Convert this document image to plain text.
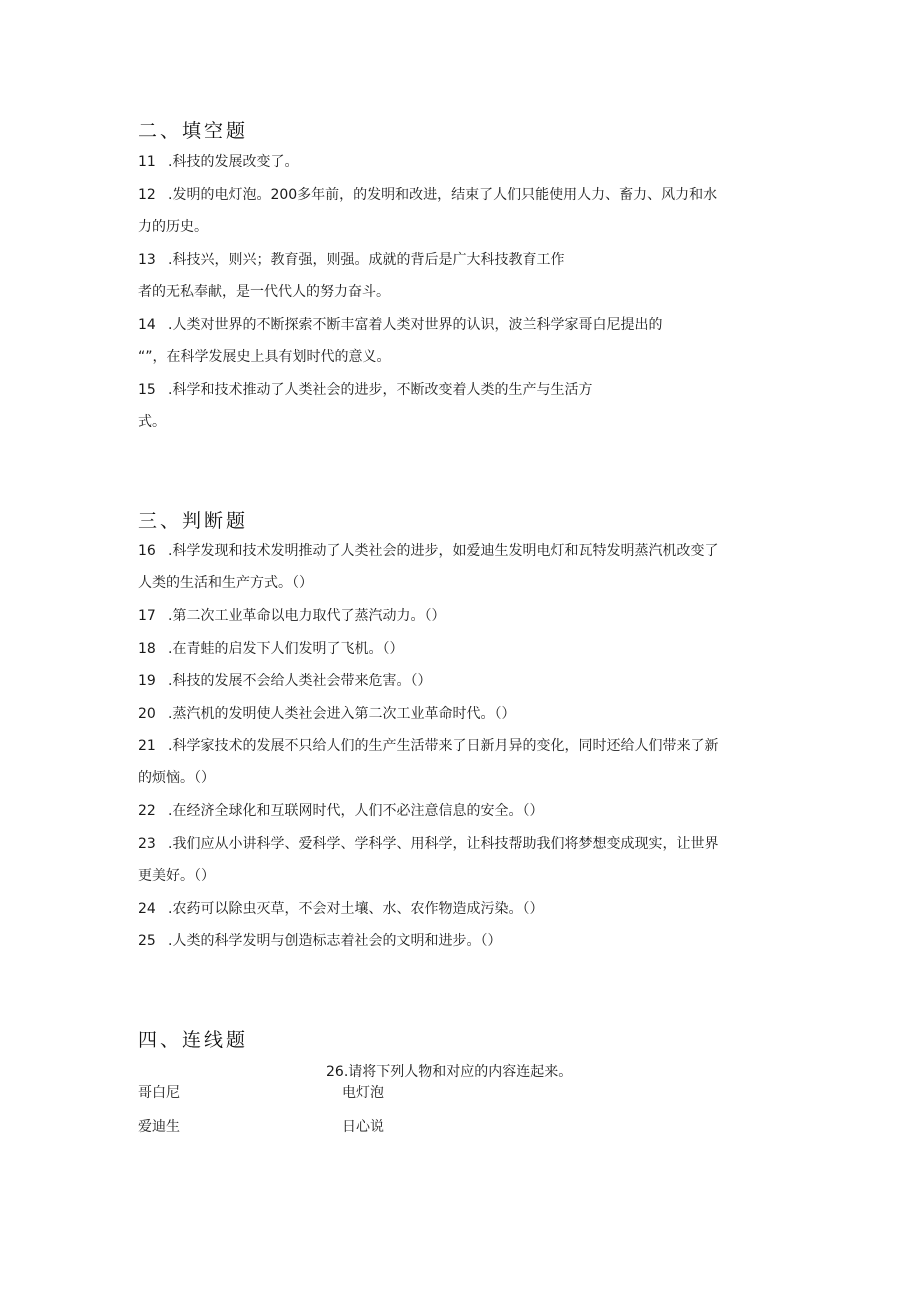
二、填空题
11 .科技的发展改变了。
12 .发明的电灯泡。200多年前，的发明和改进，结束了人们只能使用人力、畜力、风力和水
力的历史。
13 .科技兴，则兴；教育强，则强。成就的背后是广大科技教育工作
者的无私奉献，是一代代人的努力奋斗。
14 .人类对世界的不断探索不断丰富着人类对世界的认识，波兰科学家哥白尼提出的
“”，在科学发展史上具有划时代的意义。
15 .科学和技术推动了人类社会的进步，不断改变着人类的生产与生活方
式。
三、判断题
16 .科学发现和技术发明推动了人类社会的进步，如爱迪生发明电灯和瓦特发明蒸汽机改变了
人类的生活和生产方式。（）
17 .第二次工业革命以电力取代了蒸汽动力。（）
18 .在青蛙的启发下人们发明了飞机。（）
19 .科技的发展不会给人类社会带来危害。（）
20 .蒸汽机的发明使人类社会进入第二次工业革命时代。（）
21 .科学家技术的发展不只给人们的生产生活带来了日新月异的变化，同时还给人们带来了新
的烦恼。（）
22 .在经济全球化和互联网时代，人们不必注意信息的安全。（）
23 .我们应从小讲科学、爱科学、学科学、用科学，让科技帮助我们将梦想变成现实，让世界
更美好。（）
24 .农药可以除虫灭草，不会对土壤、水、农作物造成污染。（）
25 .人类的科学发明与创造标志着社会的文明和进步。（）
四、连线题
26.请将下列人物和对应的内容连起来。
哥白尼	电灯泡
爱迪生	日心说
